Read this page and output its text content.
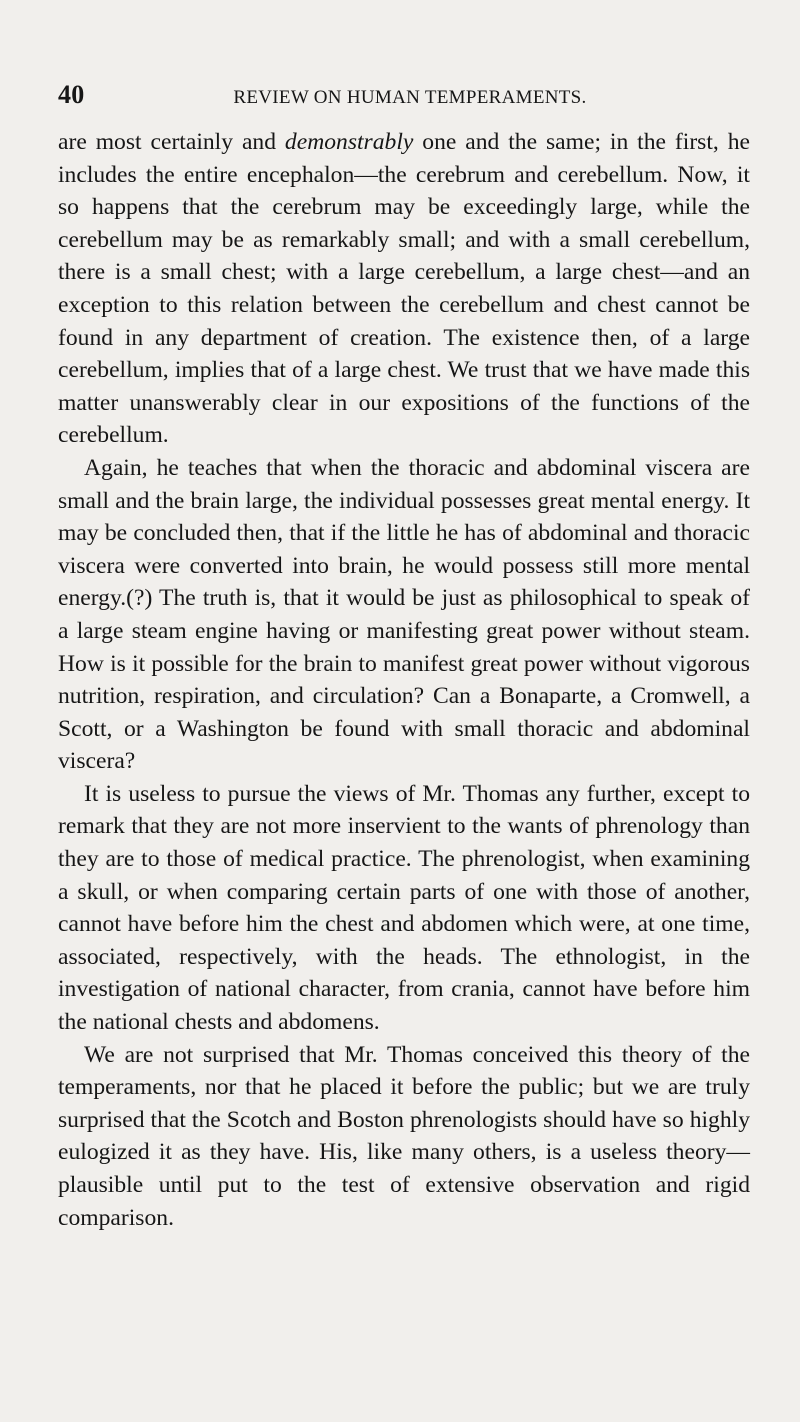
40	REVIEW ON HUMAN TEMPERAMENTS.

are most certainly and demonstrably one and the same; in the first, he includes the entire encephalon—the cerebrum and cerebellum. Now, it so happens that the cerebrum may be exceedingly large, while the cerebellum may be as remarkably small; and with a small cerebellum, there is a small chest; with a large cerebellum, a large chest—and an exception to this relation between the cerebellum and chest cannot be found in any department of creation. The existence then, of a large cerebellum, implies that of a large chest. We trust that we have made this matter unanswerably clear in our expositions of the functions of the cerebellum.

Again, he teaches that when the thoracic and abdominal viscera are small and the brain large, the individual possesses great mental energy. It may be concluded then, that if the little he has of abdominal and thoracic viscera were converted into brain, he would possess still more mental energy.(?) The truth is, that it would be just as philosophical to speak of a large steam engine having or manifesting great power without steam. How is it possible for the brain to manifest great power without vigorous nutrition, respiration, and circulation? Can a Bonaparte, a Cromwell, a Scott, or a Washington be found with small thoracic and abdominal viscera?

It is useless to pursue the views of Mr. Thomas any further, except to remark that they are not more inservient to the wants of phrenology than they are to those of medical practice. The phrenologist, when examining a skull, or when comparing certain parts of one with those of another, cannot have before him the chest and abdomen which were, at one time, associated, respectively, with the heads. The ethnologist, in the investigation of national character, from crania, cannot have before him the national chests and abdomens.

We are not surprised that Mr. Thomas conceived this theory of the temperaments, nor that he placed it before the public; but we are truly surprised that the Scotch and Boston phrenologists should have so highly eulogized it as they have. His, like many others, is a useless theory—plausible until put to the test of extensive observation and rigid comparison.
